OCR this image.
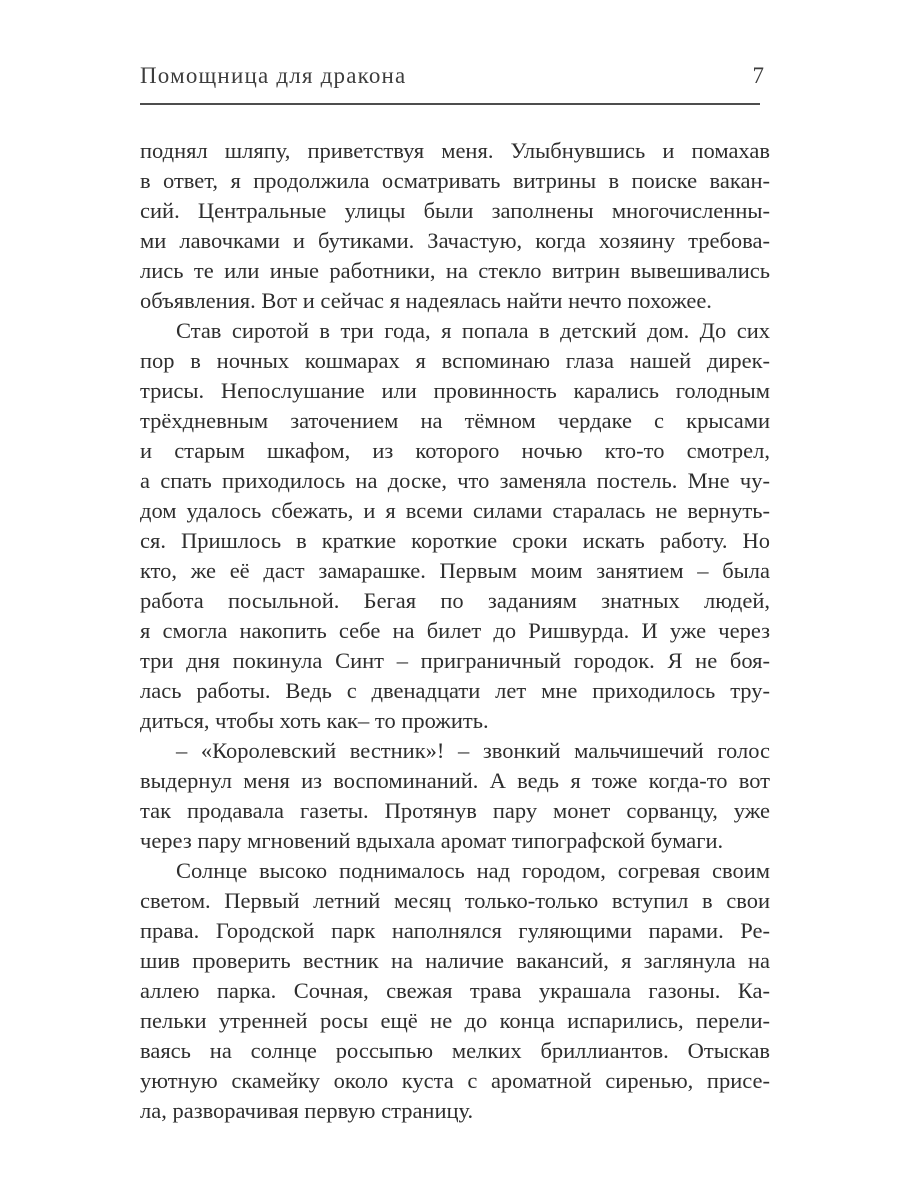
Помощница для дракона	7
поднял шляпу, приветствуя меня. Улыбнувшись и помахав
в ответ, я продолжила осматривать витрины в поиске вакан-
сий. Центральные улицы были заполнены многочисленны-
ми лавочками и бутиками. Зачастую, когда хозяину требова-
лись те или иные работники, на стекло витрин вывешивались
объявления. Вот и сейчас я надеялась найти нечто похожее.
Став сиротой в три года, я попала в детский дом. До сих
пор в ночных кошмарах я вспоминаю глаза нашей дирек-
трисы. Непослушание или провинность карались голодным
трёхдневным заточением на тёмном чердаке с крысами
и старым шкафом, из которого ночью кто-то смотрел,
а спать приходилось на доске, что заменяла постель. Мне чу-
дом удалось сбежать, и я всеми силами старалась не вернуть-
ся. Пришлось в краткие короткие сроки искать работу. Но
кто, же её даст замарашке. Первым моим занятием – была
работа посыльной. Бегая по заданиям знатных людей,
я смогла накопить себе на билет до Ришвурда. И уже через
три дня покинула Синт – приграничный городок. Я не боя-
лась работы. Ведь с двенадцати лет мне приходилось тру-
диться, чтобы хоть как– то прожить.
– «Королевский вестник»! – звонкий мальчишечий голос
выдернул меня из воспоминаний. А ведь я тоже когда-то вот
так продавала газеты. Протянув пару монет сорванцу, уже
через пару мгновений вдыхала аромат типографской бумаги.
Солнце высоко поднималось над городом, согревая своим
светом. Первый летний месяц только-только вступил в свои
права. Городской парк наполнялся гуляющими парами. Ре-
шив проверить вестник на наличие вакансий, я заглянула на
аллею парка. Сочная, свежая трава украшала газоны. Ка-
пельки утренней росы ещё не до конца испарились, перели-
ваясь на солнце россыпью мелких бриллиантов. Отыскав
уютную скамейку около куста с ароматной сиренью, присе-
ла, разворачивая первую страницу.
